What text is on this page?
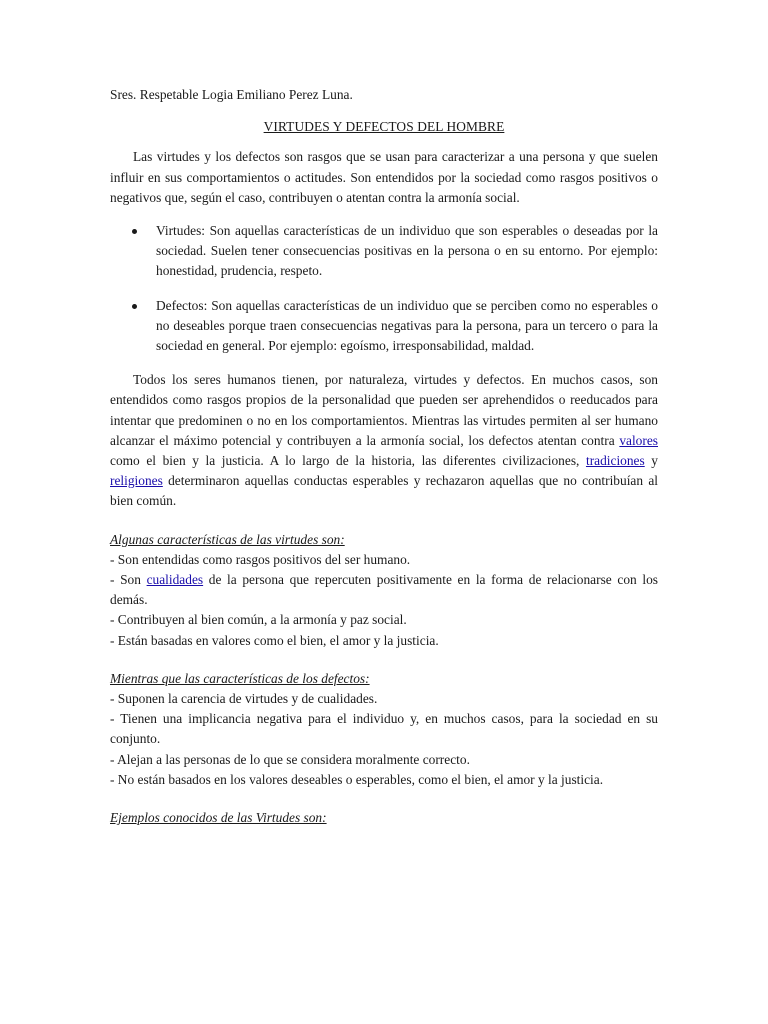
Sres. Respetable Logia Emiliano Perez Luna.

VIRTUDES Y DEFECTOS DEL HOMBRE

Las virtudes y los defectos son rasgos que se usan para caracterizar a una persona y que suelen influir en sus comportamientos o actitudes. Son entendidos por la sociedad como rasgos positivos o negativos que, según el caso, contribuyen o atentan contra la armonía social.

Virtudes: Son aquellas características de un individuo que son esperables o deseadas por la sociedad. Suelen tener consecuencias positivas en la persona o en su entorno. Por ejemplo: honestidad, prudencia, respeto.
Defectos: Son aquellas características de un individuo que se perciben como no esperables o no deseables porque traen consecuencias negativas para la persona, para un tercero o para la sociedad en general. Por ejemplo: egoísmo, irresponsabilidad, maldad.

Todos los seres humanos tienen, por naturaleza, virtudes y defectos. En muchos casos, son entendidos como rasgos propios de la personalidad que pueden ser aprehendidos o reeducados para intentar que predominen o no en los comportamientos. Mientras las virtudes permiten al ser humano alcanzar el máximo potencial y contribuyen a la armonía social, los defectos atentan contra valores como el bien y la justicia. A lo largo de la historia, las diferentes civilizaciones, tradiciones y religiones determinaron aquellas conductas esperables y rechazaron aquellas que no contribuían al bien común.

Algunas características de las virtudes son:

- Son entendidas como rasgos positivos del ser humano.

- Son cualidades de la persona que repercuten positivamente en la forma de relacionarse con los demás.

- Contribuyen al bien común, a la armonía y paz social.

- Están basadas en valores como el bien, el amor y la justicia.

Mientras que las características de los defectos:

- Suponen la carencia de virtudes y de cualidades.

- Tienen una implicancia negativa para el individuo y, en muchos casos, para la sociedad en su conjunto.

- Alejan a las personas de lo que se considera moralmente correcto.

- No están basados en los valores deseables o esperables, como el bien, el amor y la justicia.

Ejemplos conocidos de las Virtudes son:
